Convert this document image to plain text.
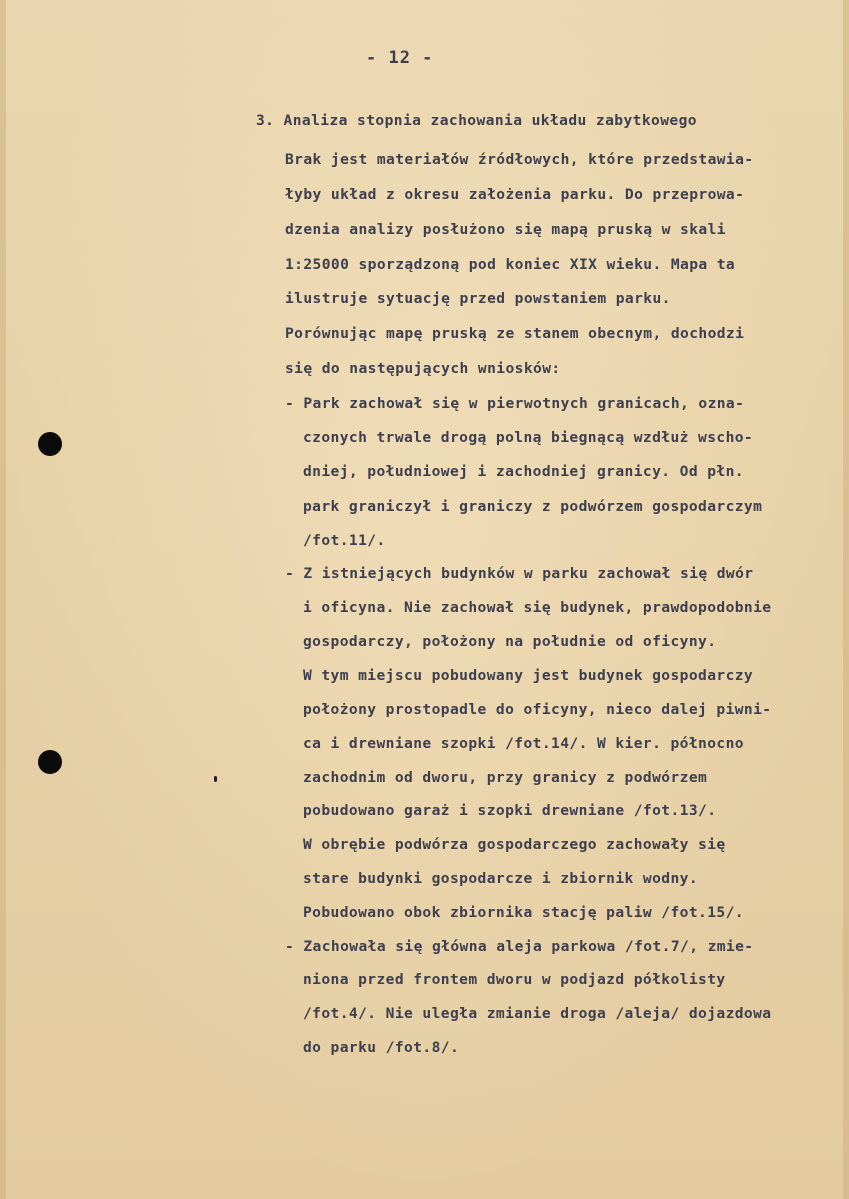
- 12 -
3. Analiza stopnia zachowania układu zabytkowego
Brak jest materiałów źródłowych, które przedstawia-
łyby układ z okresu założenia parku. Do przeprowa-
dzenia analizy posłużono się mapą pruską w skali
1:25000 sporządzoną pod koniec XIX wieku. Mapa ta
ilustruje sytuację przed powstaniem parku.
Porównując mapę pruską ze stanem obecnym, dochodzi
się do następujących wniosków:
- Park zachował się w pierwotnych granicach, ozna-
czonych trwale drogą polną biegnącą wzdłuż wscho-
dniej, południowej i zachodniej granicy. Od płn.
park graniczył i graniczy z podwórzem gospodarczym
/fot.11/.
- Z istniejących budynków w parku zachował się dwór
i oficyna. Nie zachował się budynek, prawdopodobnie
gospodarczy, położony na południe od oficyny.
W tym miejscu pobudowany jest budynek gospodarczy
położony prostopadle do oficyny, nieco dalej piwni-
ca i drewniane szopki /fot.14/. W kier. północno
zachodnim od dworu, przy granicy z podwórzem
pobudowano garaż i szopki drewniane /fot.13/.
W obrębie podwórza gospodarczego zachowały się
stare budynki gospodarcze i zbiornik wodny.
Pobudowano obok zbiornika stację paliw /fot.15/.
- Zachowała się główna aleja parkowa /fot.7/, zmie-
niona przed frontem dworu w podjazd półkolisty
/fot.4/. Nie uległa zmianie droga /aleja/ dojazdowa
do parku /fot.8/.
